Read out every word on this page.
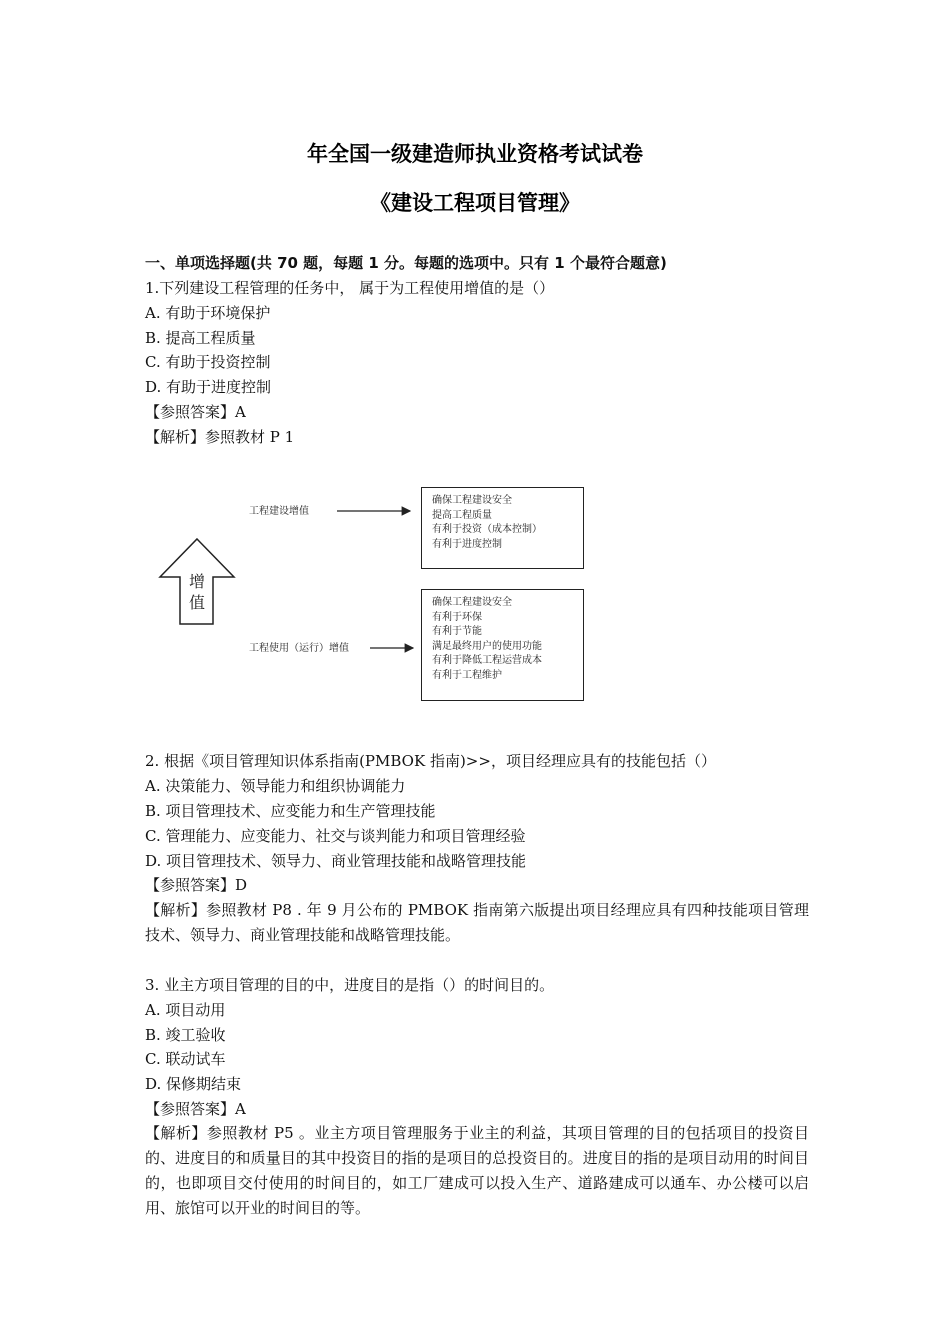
年全国一级建造师执业资格考试试卷
《建设工程项目管理》
一、单项选择题(共 70 题，每题 1 分。每题的选项中。只有 1 个最符合题意)
1.下列建设工程管理的任务中， 属于为工程使用增值的是（）
A. 有助于环境保护
B. 提高工程质量
C. 有助于投资控制
D. 有助于进度控制
【参照答案】A
【解析】参照教材 P 1
增
值
工程建设增值
工程使用（运行）增值
确保工程建设安全
提高工程质量
有利于投资（成本控制）
有利于进度控制
确保工程建设安全
有利于环保
有利于节能
满足最终用户的使用功能
有利于降低工程运营成本
有利于工程维护
2. 根据《项目管理知识体系指南(PMBOK 指南)>>，项目经理应具有的技能包括（）
A. 决策能力、领导能力和组织协调能力
B. 项目管理技术、应变能力和生产管理技能
C. 管理能力、应变能力、社交与谈判能力和项目管理经验
D. 项目管理技术、领导力、商业管理技能和战略管理技能
【参照答案】D
【解析】参照教材 P8 . 年 9 月公布的 PMBOK 指南第六版提出项目经理应具有四种技能项目管理技术、领导力、商业管理技能和战略管理技能。
3. 业主方项目管理的目的中，进度目的是指（）的时间目的。
A. 项目动用
B. 竣工验收
C. 联动试车
D. 保修期结束
【参照答案】A
【解析】参照教材 P5 。业主方项目管理服务于业主的利益，其项目管理的目的包括项目的投资目的、进度目的和质量目的其中投资目的指的是项目的总投资目的。进度目的指的是项目动用的时间目的，也即项目交付使用的时间目的，如工厂建成可以投入生产、道路建成可以通车、办公楼可以启用、旅馆可以开业的时间目的等。
